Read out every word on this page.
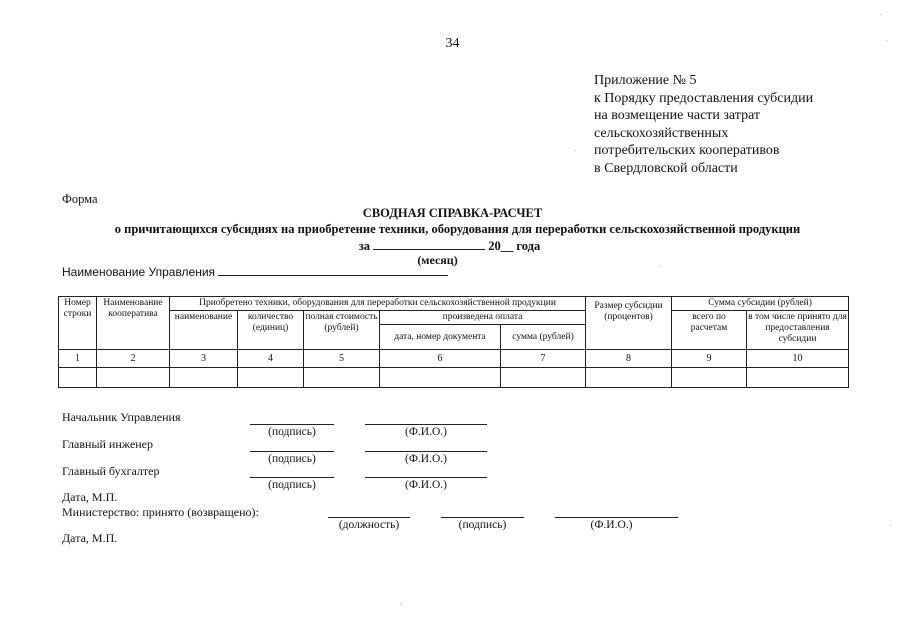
34
Приложение № 5
к Порядку предоставления субсидии
на возмещение части затрат
сельскохозяйственных
потребительских кооперативов
в Свердловской области
Форма
СВОДНАЯ СПРАВКА-РАСЧЕТ
о причитающихся субсидиях на приобретение техники, оборудования для переработки сельскохозяйственной продукции
за	20__ года
(месяц)
Наименование Управления
Номер строки	Наименование кооператива	Приобретено техники, оборудования для переработки сельскохозяйственной продукции					Размер субсидии (процентов)	Сумма субсидии (рублей)	
		наименование	количество (единиц)	полная стоимость (рублей)	произведена оплата			всего по расчетам	в том числе принято для предоставления субсидии
					дата, номер документа	сумма (рублей)			
1	2	3	4	5	6	7	8	9	10

Начальник Управления
(подпись)	(Ф.И.О.)
Главный инженер
(подпись)	(Ф.И.О.)
Главный бухгалтер
(подпись)	(Ф.И.О.)
Дата, М.П.
Министерство: принято (возвращено):
(должность)	(подпись)	(Ф.И.О.)
Дата, М.П.
